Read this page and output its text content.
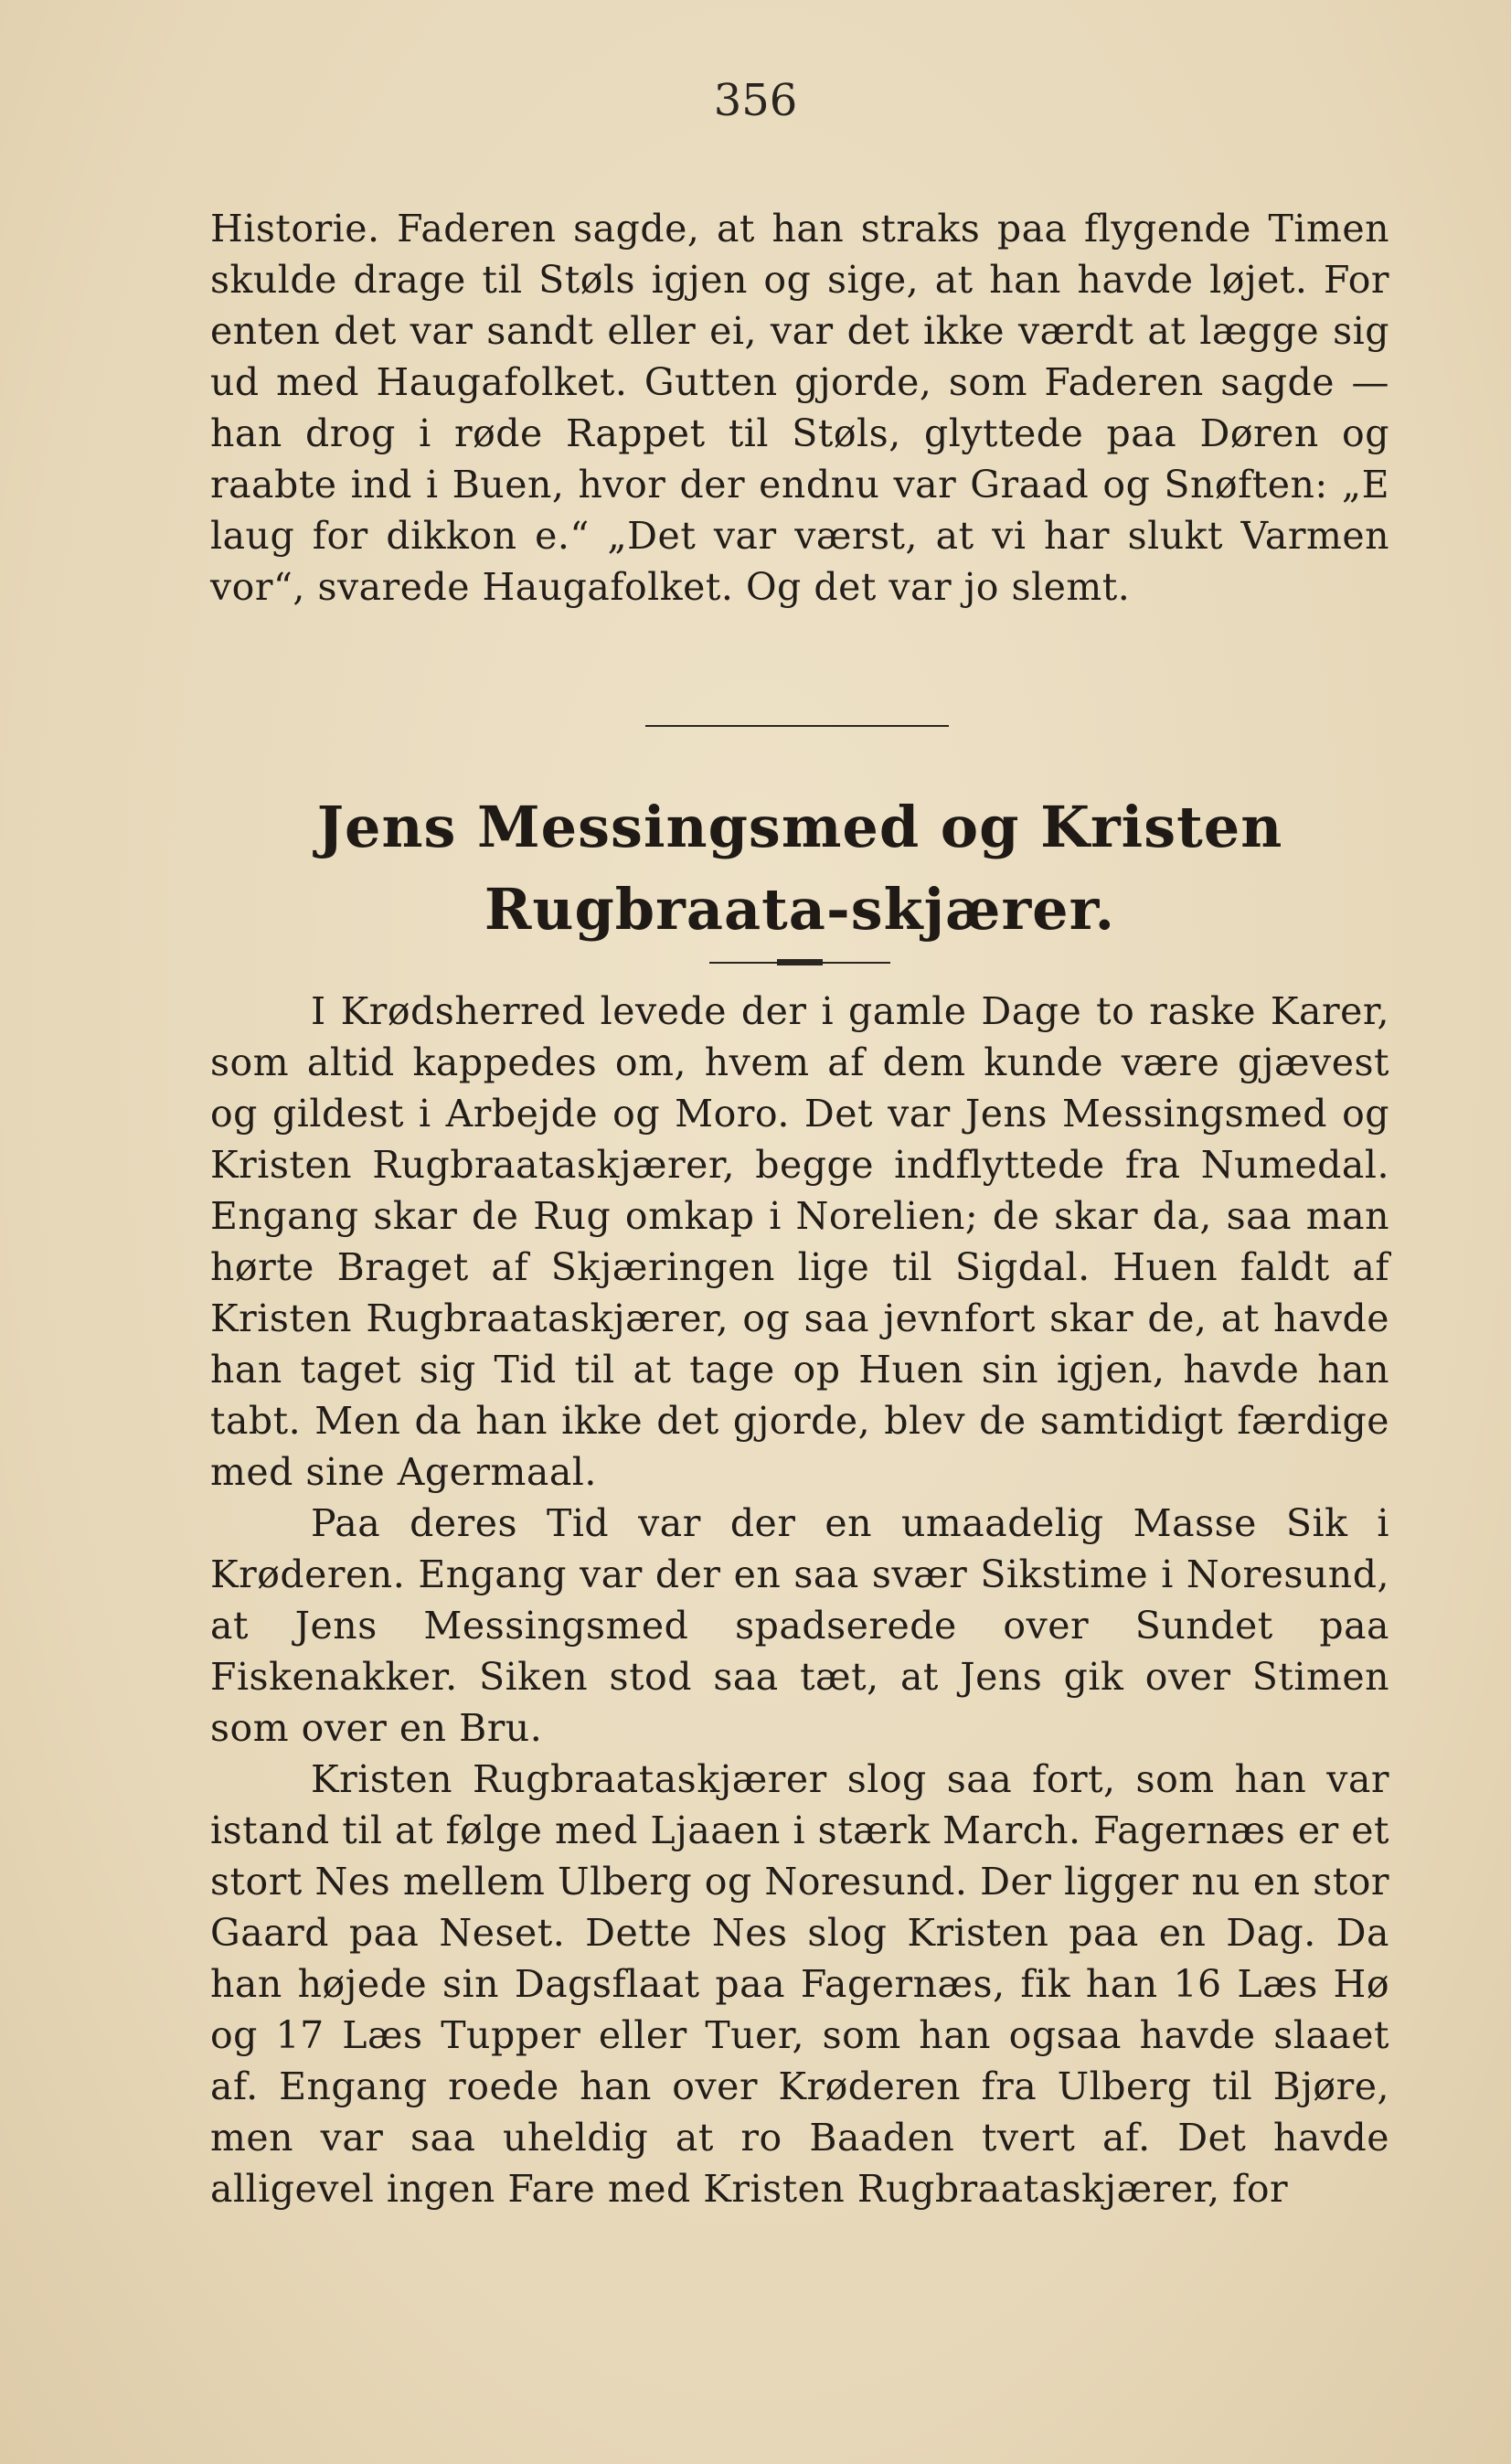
356

Historie. Faderen sagde, at han straks paa flygende Timen skulde drage til Støls igjen og sige, at han havde løjet. For enten det var sandt eller ei, var det ikke værdt at lægge sig ud med Haugafolket. Gutten gjorde, som Faderen sagde — han drog i røde Rappet til Støls, glyttede paa Døren og raabte ind i Buen, hvor der endnu var Graad og Snøften: „E laug for dikkon e.“ „Det var værst, at vi har slukt Varmen vor“, svarede Haugafolket. Og det var jo slemt.

Jens Messingsmed og Kristen Rugbraata-skjærer.

I Krødsherred levede der i gamle Dage to raske Karer, som altid kappedes om, hvem af dem kunde være gjævest og gildest i Arbejde og Moro. Det var Jens Messingsmed og Kristen Rugbraataskjærer, begge indflyttede fra Numedal. Engang skar de Rug omkap i Norelien; de skar da, saa man hørte Braget af Skjæringen lige til Sigdal. Huen faldt af Kristen Rugbraataskjærer, og saa jevnfort skar de, at havde han taget sig Tid til at tage op Huen sin igjen, havde han tabt. Men da han ikke det gjorde, blev de samtidigt færdige med sine Agermaal.

Paa deres Tid var der en umaadelig Masse Sik i Krøderen. Engang var der en saa svær Sikstime i Noresund, at Jens Messingsmed spadserede over Sundet paa Fiskenakker. Siken stod saa tæt, at Jens gik over Stimen som over en Bru.

Kristen Rugbraataskjærer slog saa fort, som han var istand til at følge med Ljaaen i stærk March. Fagernæs er et stort Nes mellem Ulberg og Noresund. Der ligger nu en stor Gaard paa Neset. Dette Nes slog Kristen paa en Dag. Da han højede sin Dagsflaat paa Fagernæs, fik han 16 Læs Hø og 17 Læs Tupper eller Tuer, som han ogsaa havde slaaet af. Engang roede han over Krøderen fra Ulberg til Bjøre, men var saa uheldig at ro Baaden tvert af. Det havde alligevel ingen Fare med Kristen Rugbraataskjærer, for
